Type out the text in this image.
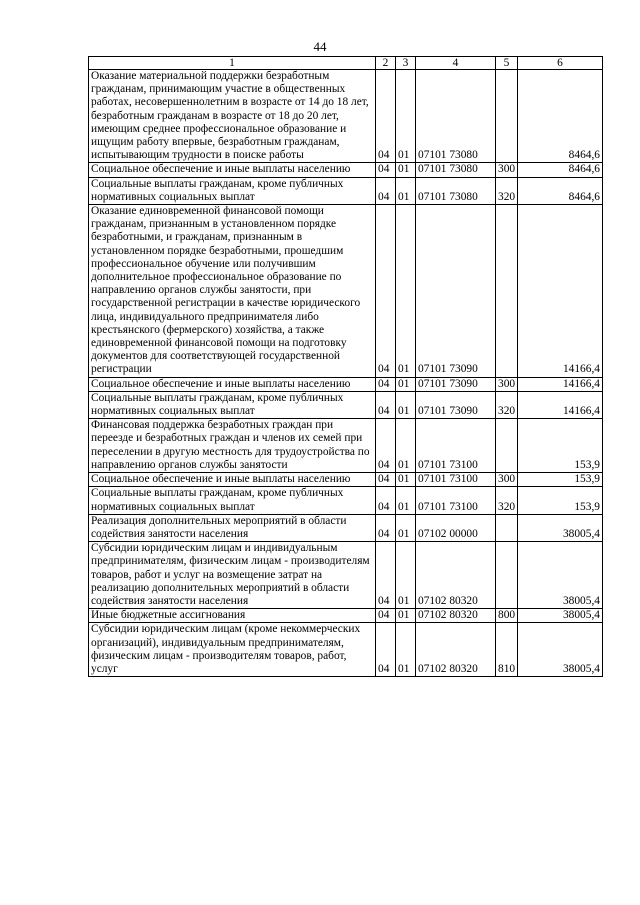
44
1	2	3	4	5	6
Оказание материальной поддержки безработным гражданам, принимающим участие в общественных работах, несовершеннолетним в возрасте от 14 до 18 лет, безработным гражданам в возрасте от 18 до 20 лет, имеющим среднее профессиональное образование и ищущим работу впервые, безработным гражданам, испытывающим трудности в поиске работы	04	01	07101 73080		8464,6
Социальное обеспечение и иные выплаты населению	04	01	07101 73080	300	8464,6
Социальные выплаты гражданам, кроме публичных нормативных социальных выплат	04	01	07101 73080	320	8464,6
Оказание единовременной финансовой помощи гражданам, признанным в установленном порядке безработными, и гражданам, признанным в установленном порядке безработными, прошедшим профессиональное обучение или получившим дополнительное профессиональное образование по направлению органов службы занятости, при государственной регистрации в качестве юридического лица, индивидуального предпринимателя либо крестьянского (фермерского) хозяйства, а также единовременной финансовой помощи на подготовку документов для соответствующей государственной регистрации	04	01	07101 73090		14166,4
Социальное обеспечение и иные выплаты населению	04	01	07101 73090	300	14166,4
Социальные выплаты гражданам, кроме публичных нормативных социальных выплат	04	01	07101 73090	320	14166,4
Финансовая поддержка безработных граждан при переезде и безработных граждан и членов их семей при переселении в другую местность для трудоустройства по направлению органов службы занятости	04	01	07101 73100		153,9
Социальное обеспечение и иные выплаты населению	04	01	07101 73100	300	153,9
Социальные выплаты гражданам, кроме публичных нормативных социальных выплат	04	01	07101 73100	320	153,9
Реализация дополнительных мероприятий в области содействия занятости населения	04	01	07102 00000		38005,4
Субсидии юридическим лицам и индивидуальным предпринимателям, физическим лицам - производителям товаров, работ и услуг на возмещение затрат на реализацию дополнительных мероприятий в области содействия занятости населения	04	01	07102 80320		38005,4
Иные бюджетные ассигнования	04	01	07102 80320	800	38005,4
Субсидии юридическим лицам (кроме некоммерческих организаций), индивидуальным предпринимателям, физическим лицам - производителям товаров, работ, услуг	04	01	07102 80320	810	38005,4
